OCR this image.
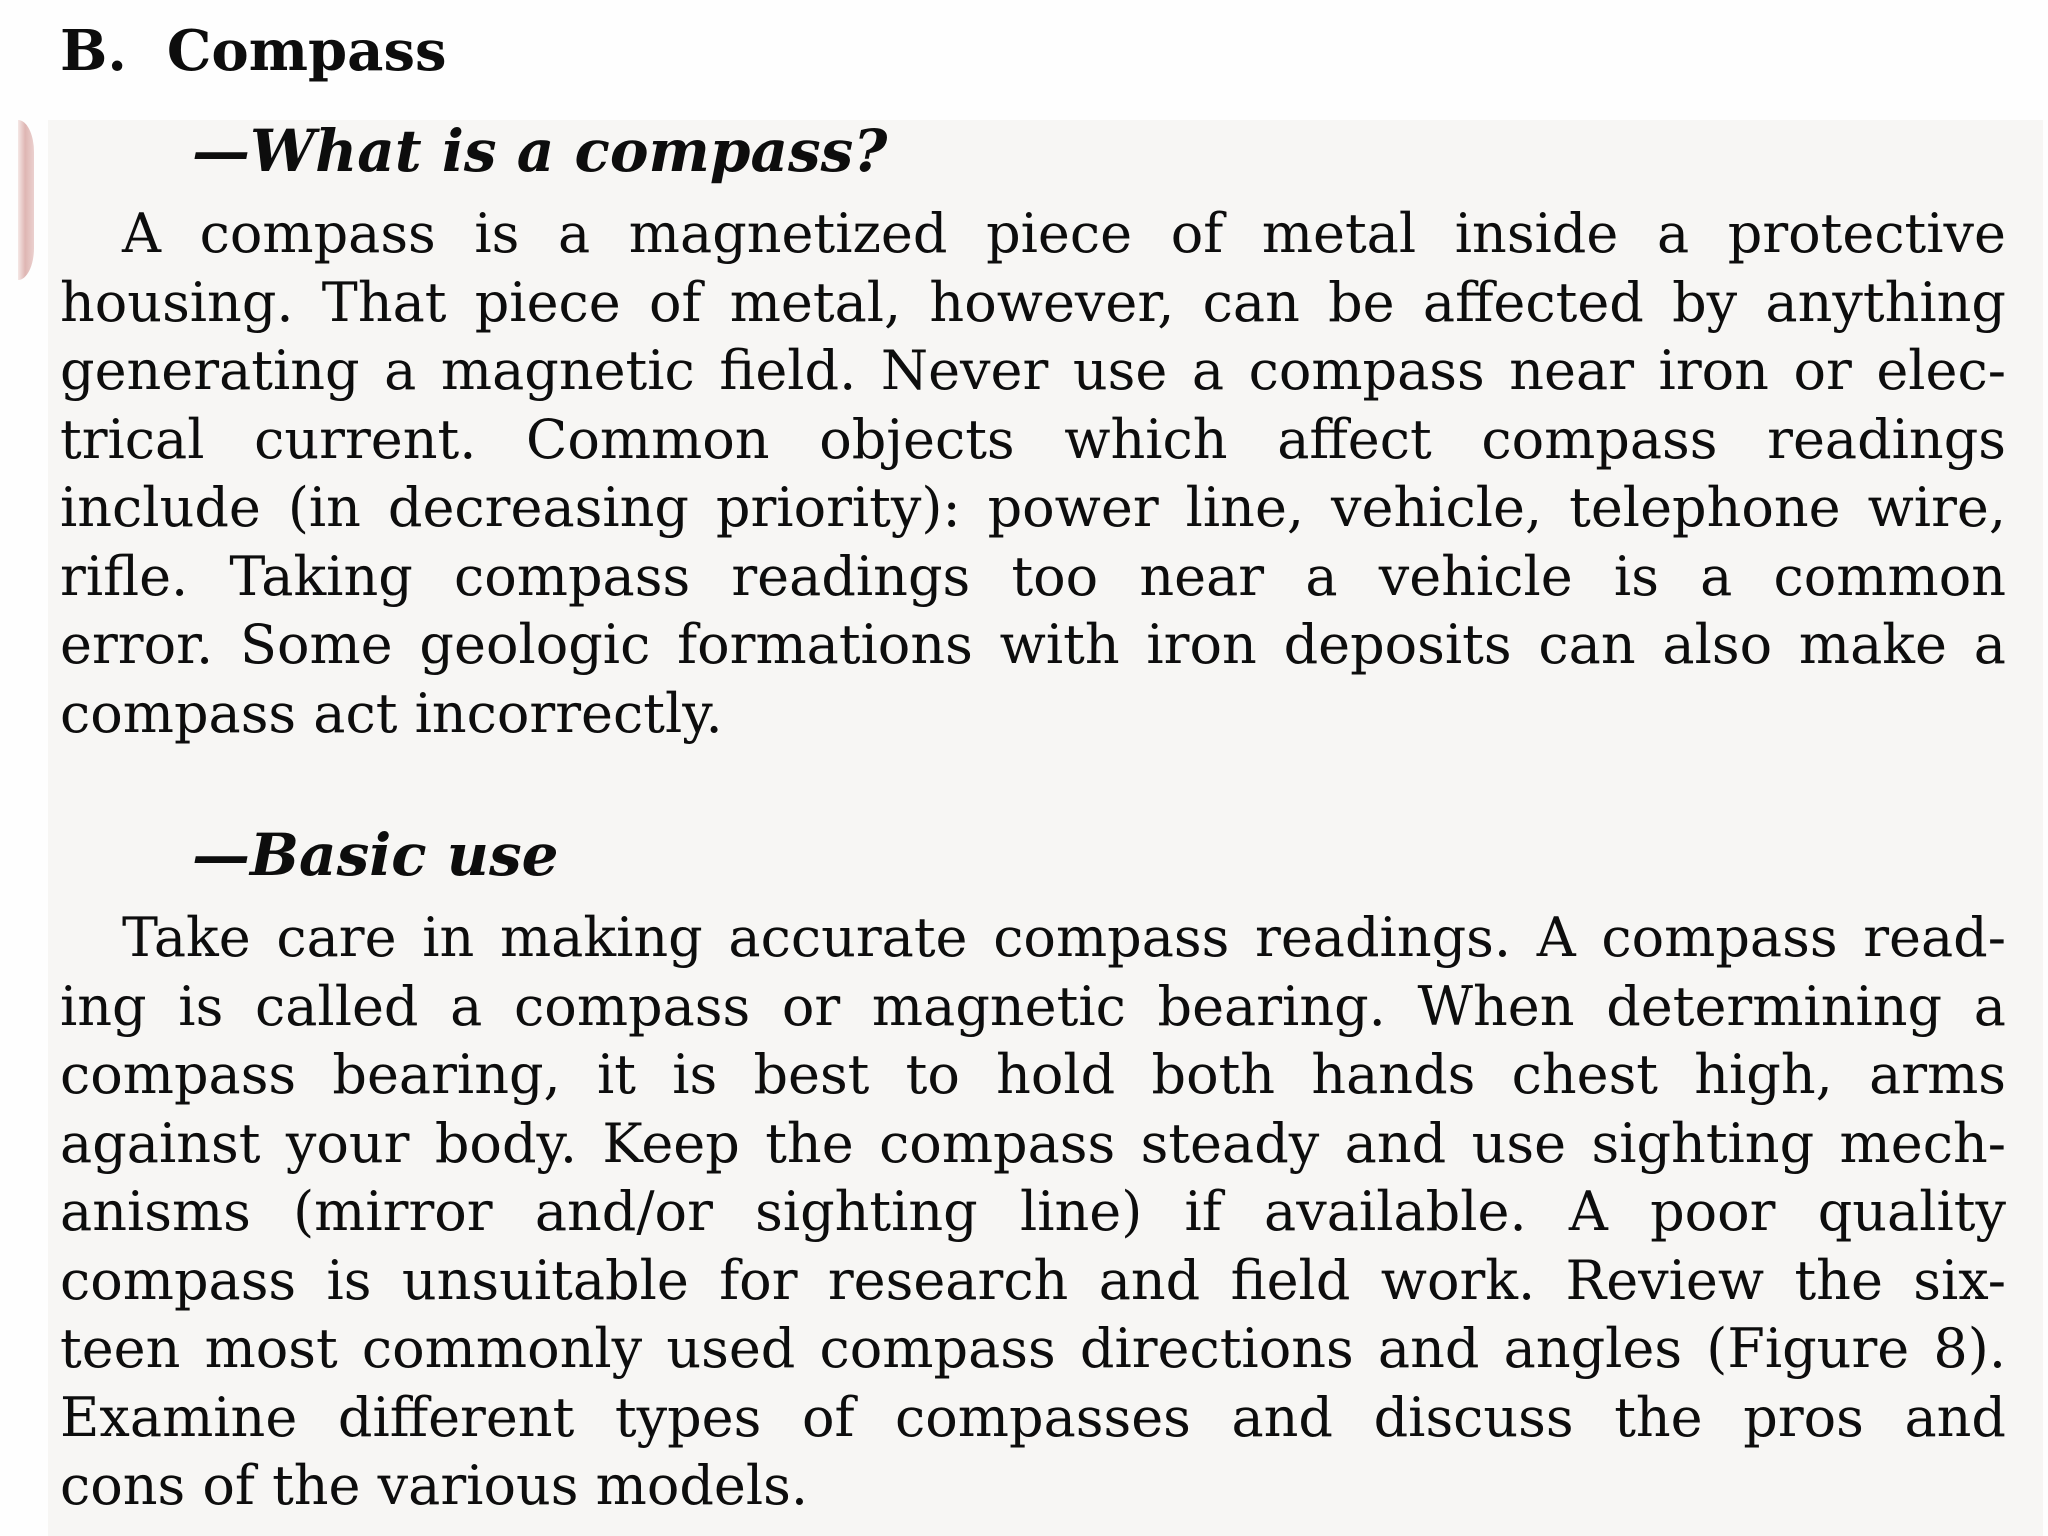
B. Compass
—What is a compass?

A compass is a magnetized piece of metal inside a protective
housing. That piece of metal, however, can be affected by anything
generating a magnetic field. Never use a compass near iron or elec-
trical current. Common objects which affect compass readings
include (in decreasing priority): power line, vehicle, telephone wire,
rifle. Taking compass readings too near a vehicle is a common
error. Some geologic formations with iron deposits can also make a
compass act incorrectly.

—Basic use

Take care in making accurate compass readings. A compass read-
ing is called a compass or magnetic bearing. When determining a
compass bearing, it is best to hold both hands chest high, arms
against your body. Keep the compass steady and use sighting mech-
anisms (mirror and/or sighting line) if available. A poor quality
compass is unsuitable for research and field work. Review the six-
teen most commonly used compass directions and angles (Figure 8).
Examine different types of compasses and discuss the pros and
cons of the various models.
